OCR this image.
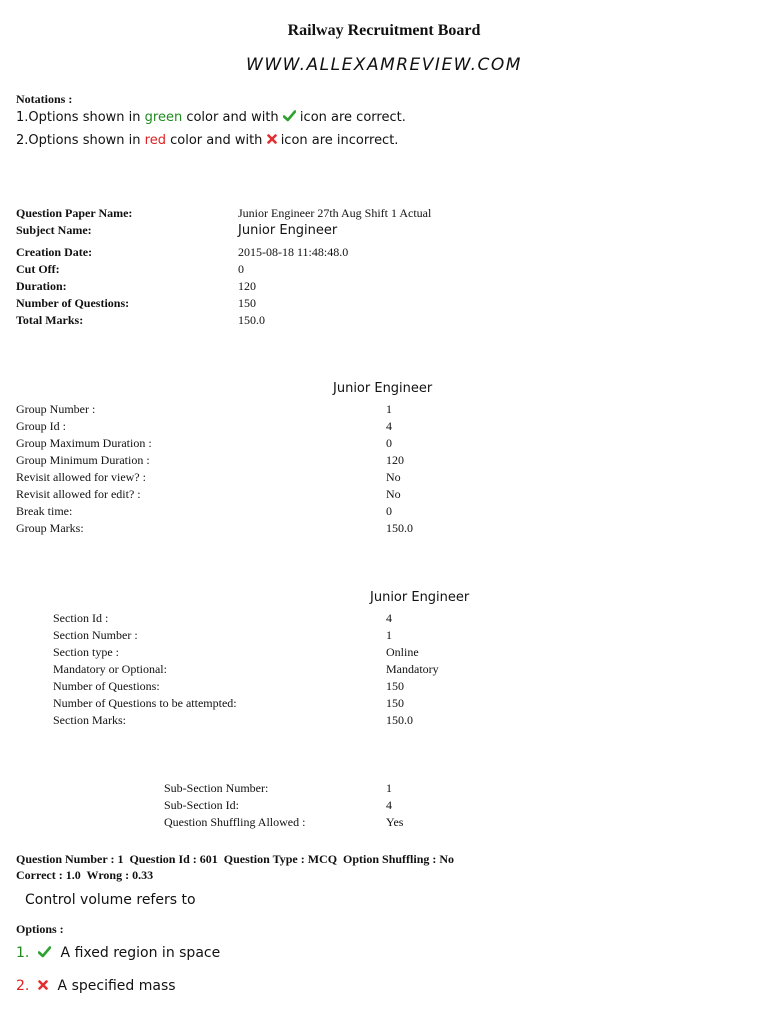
Railway Recruitment Board
WWW.ALLEXAMREVIEW.COM
Notations :
1.Options shown in green color and with  icon are correct.
2.Options shown in red color and with  icon are incorrect.
Question Paper Name:	Junior Engineer 27th Aug Shift 1 Actual
Subject Name:	Junior Engineer
Creation Date:	2015-08-18 11:48:48.0
Cut Off:	0
Duration:	120
Number of Questions:	150
Total Marks:	150.0
Junior Engineer
Group Number :	1
Group Id :	4
Group Maximum Duration :	0
Group Minimum Duration :	120
Revisit allowed for view? :	No
Revisit allowed for edit? :	No
Break time:	0
Group Marks:	150.0
Junior Engineer
Section Id :	4
Section Number :	1
Section type :	Online
Mandatory or Optional:	Mandatory
Number of Questions:	150
Number of Questions to be attempted:	150
Section Marks:	150.0
Sub-Section Number:	1
Sub-Section Id:	4
Question Shuffling Allowed :	Yes
Question Number : 1  Question Id : 601  Question Type : MCQ  Option Shuffling : No
Correct : 1.0  Wrong : 0.33
Control volume refers to
Options :
1. A fixed region in space
2. A specified mass
